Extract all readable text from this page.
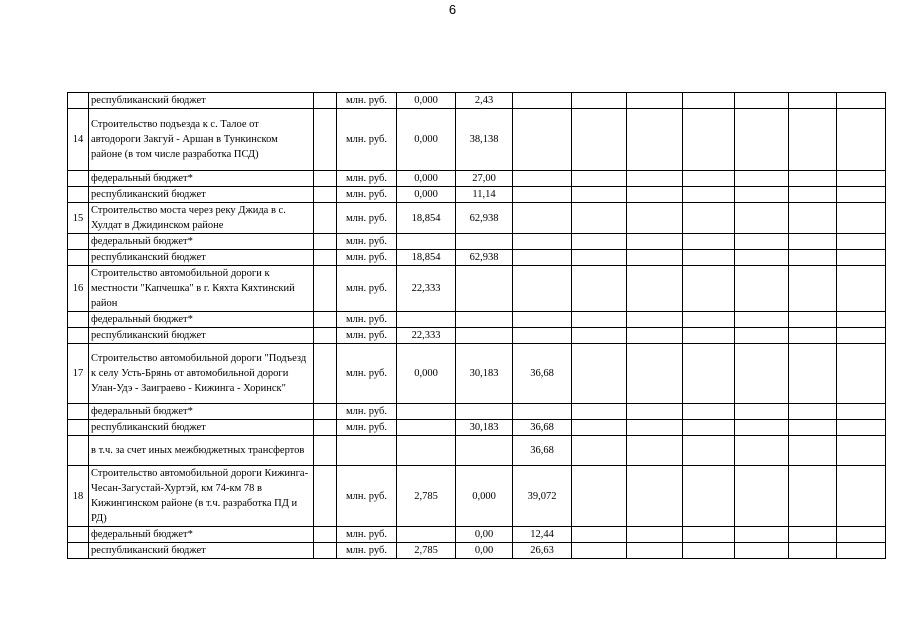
6
	республиканский бюджет		млн. руб.	0,000	2,43							
14	Строительство подъезда к с. Талое от автодороги Закгуй - Аршан в Тункинском районе (в том числе разработка ПСД)		млн. руб.	0,000	38,138							
	федеральный бюджет*		млн. руб.	0,000	27,00							
	республиканский бюджет		млн. руб.	0,000	11,14							
15	Строительство моста через реку Джида в с. Хулдат в Джидинском районе		млн. руб.	18,854	62,938							
	федеральный бюджет*		млн. руб.									
	республиканский бюджет		млн. руб.	18,854	62,938							
16	Строительство автомобильной дороги к местности "Капчешка" в г. Кяхта Кяхтинский район		млн. руб.	22,333								
	федеральный бюджет*		млн. руб.									
	республиканский бюджет		млн. руб.	22,333								
17	Строительство автомобильной дороги "Подъезд к селу Усть-Брянь от автомобильной дороги Улан-Удэ - Заиграево - Кижинга - Хоринск"		млн. руб.	0,000	30,183	36,68						
	федеральный бюджет*		млн. руб.									
	республиканский бюджет		млн. руб.		30,183	36,68						
	в т.ч. за счет иных межбюджетных трансфертов					36,68						
18	Строительство автомобильной дороги Кижинга-Чесан-Загустай-Хуртэй, км 74-км 78 в Кижингинском районе (в т.ч. разработка ПД и РД)		млн. руб.	2,785	0,000	39,072						
	федеральный бюджет*		млн. руб.		0,00	12,44						
	республиканский бюджет		млн. руб.	2,785	0,00	26,63						
